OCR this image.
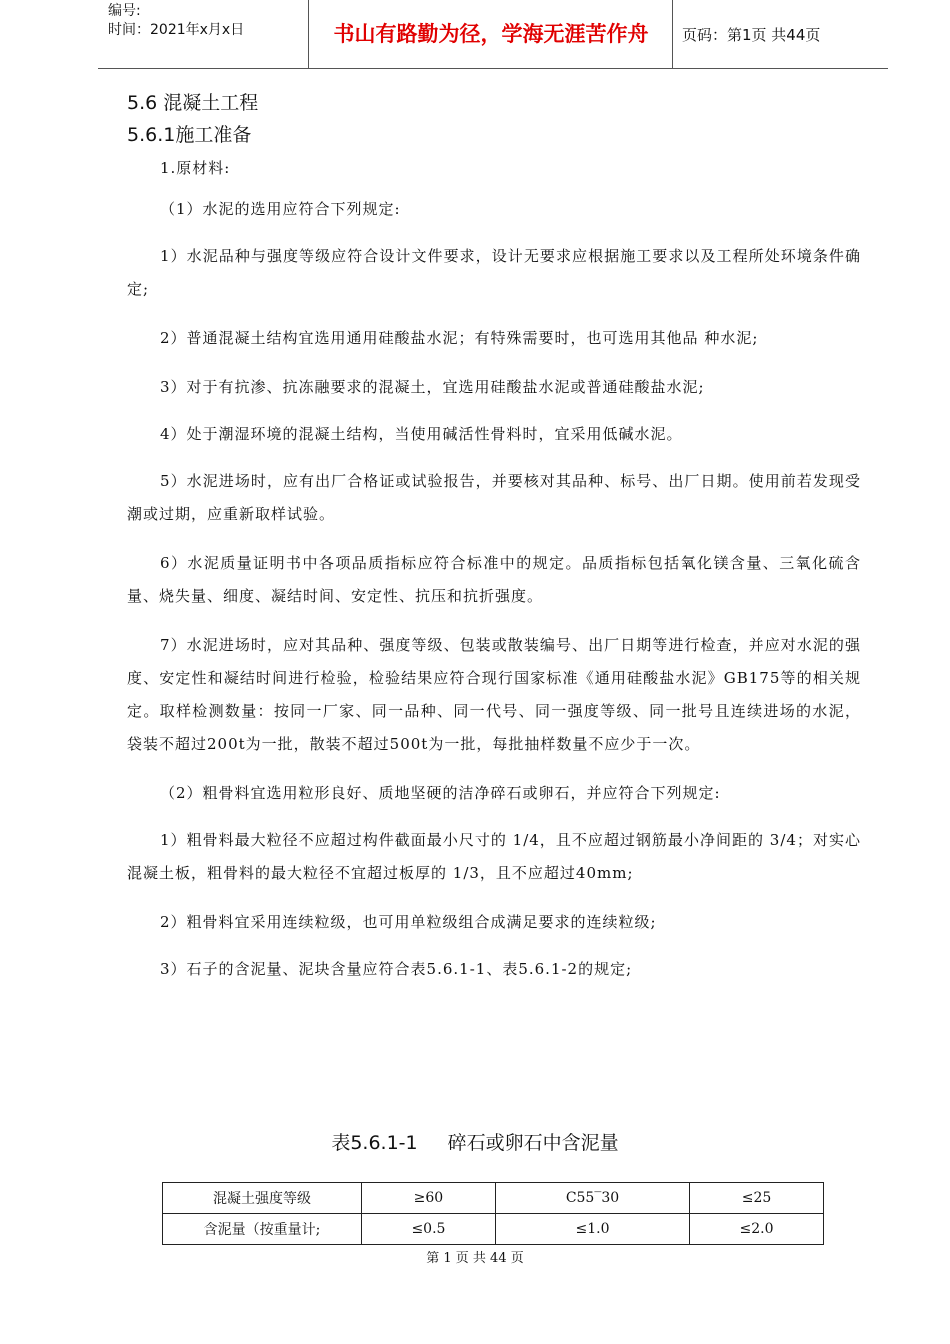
编号:
时间：2021年x月x日	书山有路勤为径，学海无涯苦作舟	页码：第1页 共44页
5.6 混凝土工程
5.6.1施工准备

1.原材料:

（1）水泥的选用应符合下列规定:

1）水泥品种与强度等级应符合设计文件要求，设计无要求应根据施工要求以及工程所处环境条件确定;

2）普通混凝土结构宜选用通用硅酸盐水泥；有特殊需要时，也可选用其他品 种水泥;

3）对于有抗渗、抗冻融要求的混凝土，宜选用硅酸盐水泥或普通硅酸盐水泥;

4）处于潮湿环境的混凝土结构，当使用碱活性骨料时，宜采用低碱水泥。

5）水泥进场时，应有出厂合格证或试验报告，并要核对其品种、标号、出厂日期。使用前若发现受潮或过期，应重新取样试验。

6）水泥质量证明书中各项品质指标应符合标准中的规定。品质指标包括氧化镁含量、三氧化硫含量、烧失量、细度、凝结时间、安定性、抗压和抗折强度。

7）水泥进场时，应对其品种、强度等级、包装或散装编号、出厂日期等进行检查，并应对水泥的强度、安定性和凝结时间进行检验，检验结果应符合现行国家标准《通用硅酸盐水泥》GB175等的相关规定。取样检测数量：按同一厂家、同一品种、同一代号、同一强度等级、同一批号且连续进场的水泥，袋装不超过200t为一批，散装不超过500t为一批，每批抽样数量不应少于一次。

（2）粗骨料宜选用粒形良好、质地坚硬的洁净碎石或卵石，并应符合下列规定:

1）粗骨料最大粒径不应超过构件截面最小尺寸的 1/4，且不应超过钢筋最小净间距的 3/4；对实心混凝土板，粗骨料的最大粒径不宜超过板厚的 1/3，且不应超过40mm;

2）粗骨料宜采用连续粒级，也可用单粒级组合成满足要求的连续粒级;

3）石子的含泥量、泥块含量应符合表5.6.1-1、表5.6.1-2的规定;

表5.6.1-1 碎石或卵石中含泥量
混凝土强度等级	≥60	C55‾30	≤25
含泥量（按重量计;	≤0.5	≤1.0	≤2.0
第 1 页 共 44 页
